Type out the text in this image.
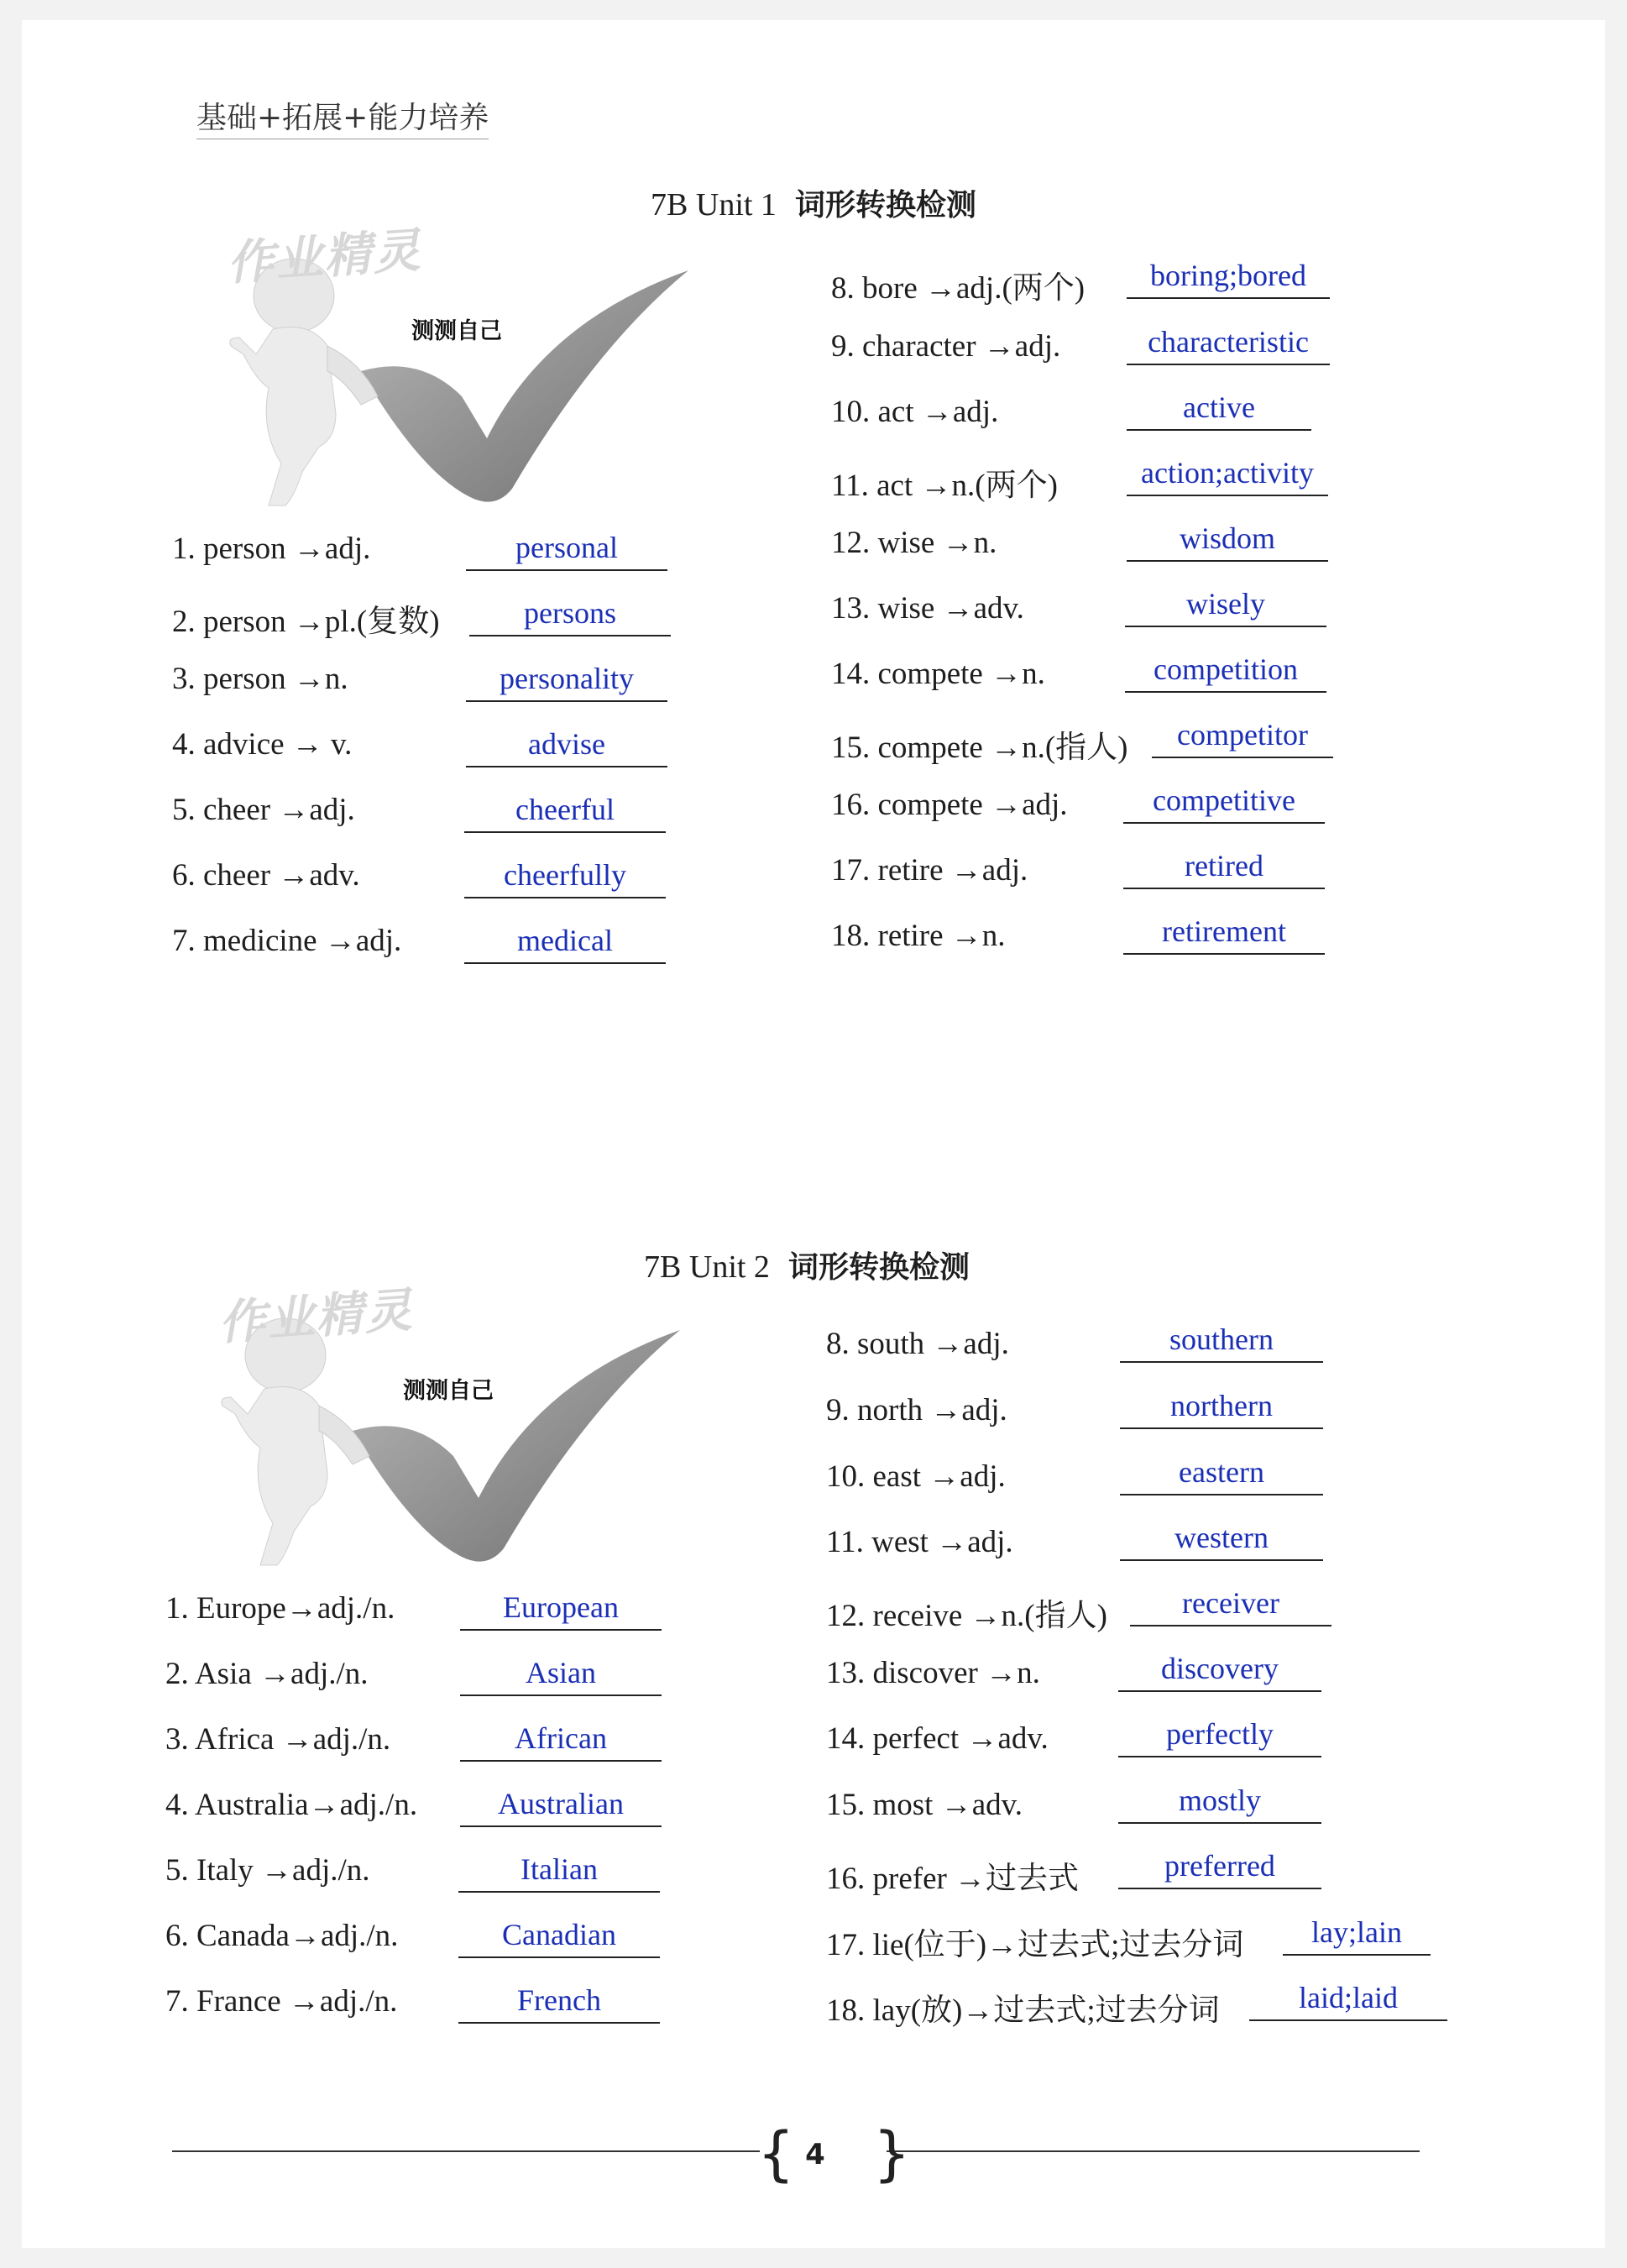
基础+拓展+能力培养
7B Unit 1 词形转换检测
作业精灵
测测自己
1. person →adj.	personal
2. person →pl.(复数)	persons
3. person →n.	personality
4. advice → v.	advise
5. cheer →adj.	cheerful
6. cheer →adv.	cheerfully
7. medicine →adj.	medical
8. bore →adj.(两个)	boring;bored
9. character →adj.	characteristic
10. act →adj.	active
11. act →n.(两个)	action;activity
12. wise →n.	wisdom
13. wise →adv.	wisely
14. compete →n.	competition
15. compete →n.(指人)	competitor
16. compete →adj.	competitive
17. retire →adj.	retired
18. retire →n.	retirement
7B Unit 2 词形转换检测
作业精灵
测测自己
1. Europe→adj./n.	European
2. Asia →adj./n.	Asian
3. Africa →adj./n.	African
4. Australia→adj./n.	Australian
5. Italy →adj./n.	Italian
6. Canada→adj./n.	Canadian
7. France →adj./n.	French
8. south →adj.	southern
9. north →adj.	northern
10. east →adj.	eastern
11. west →adj.	western
12. receive →n.(指人)	receiver
13. discover →n.	discovery
14. perfect →adv.	perfectly
15. most →adv.	mostly
16. prefer →过去式	preferred
17. lie(位于)→过去式;过去分词	lay;lain
18. lay(放)→过去式;过去分词	laid;laid
{ }
4
